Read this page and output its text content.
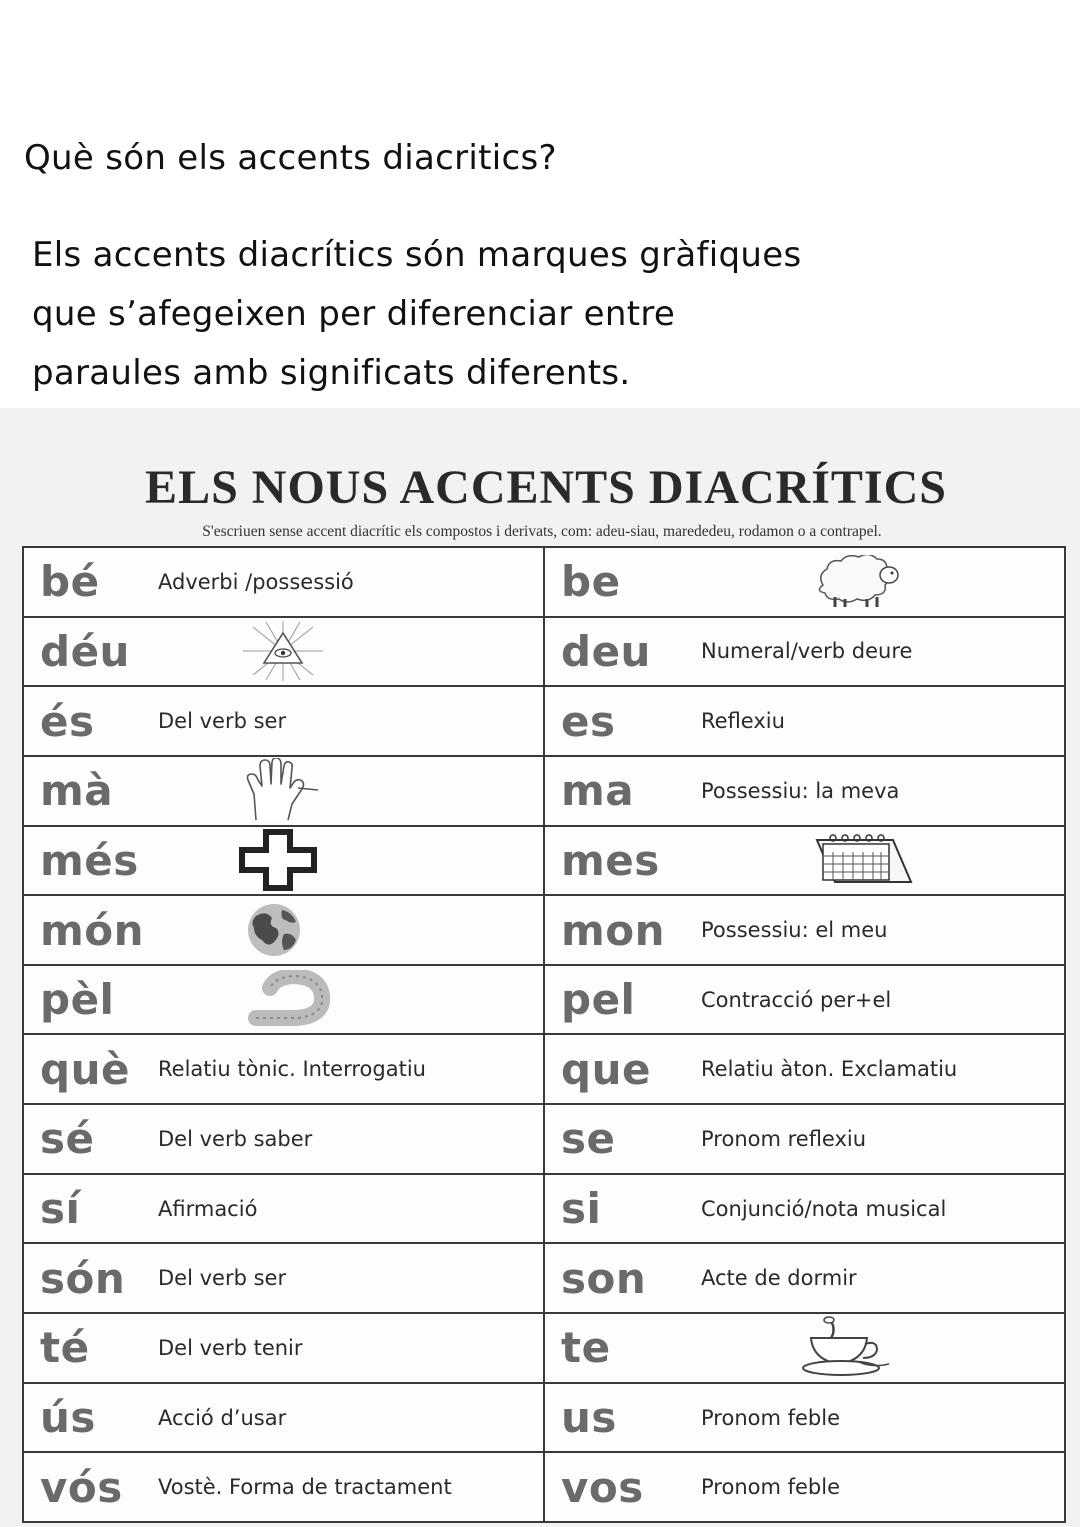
Què són els accents diacritics?
Els accents diacrítics són marques gràfiques
que s’afegeixen per diferenciar entre
paraules amb significats diferents.
ELS NOUS ACCENTS DIACRÍTICS

S'escriuen sense accent diacrític els compostos i derivats, com: adeu-siau, marededeu, rodamon o a contrapel.

bé Adverbi /possessió	be

déu	deu Numeral/verb deure

és Del verb ser	es Reflexiu

mà	ma Possessiu: la meva

més	mes

món	mon Possessiu: el meu

pèl	pel Contracció per+el

què Relatiu tònic. Interrogatiu	que Relatiu àton. Exclamatiu

sé Del verb saber	se Pronom reflexiu

sí Afirmació	si Conjunció/nota musical

són Del verb ser	son Acte de dormir

té Del verb tenir	te

ús Acció d’usar	us Pronom feble

vós Vostè. Forma de tractament	vos Pronom feble
